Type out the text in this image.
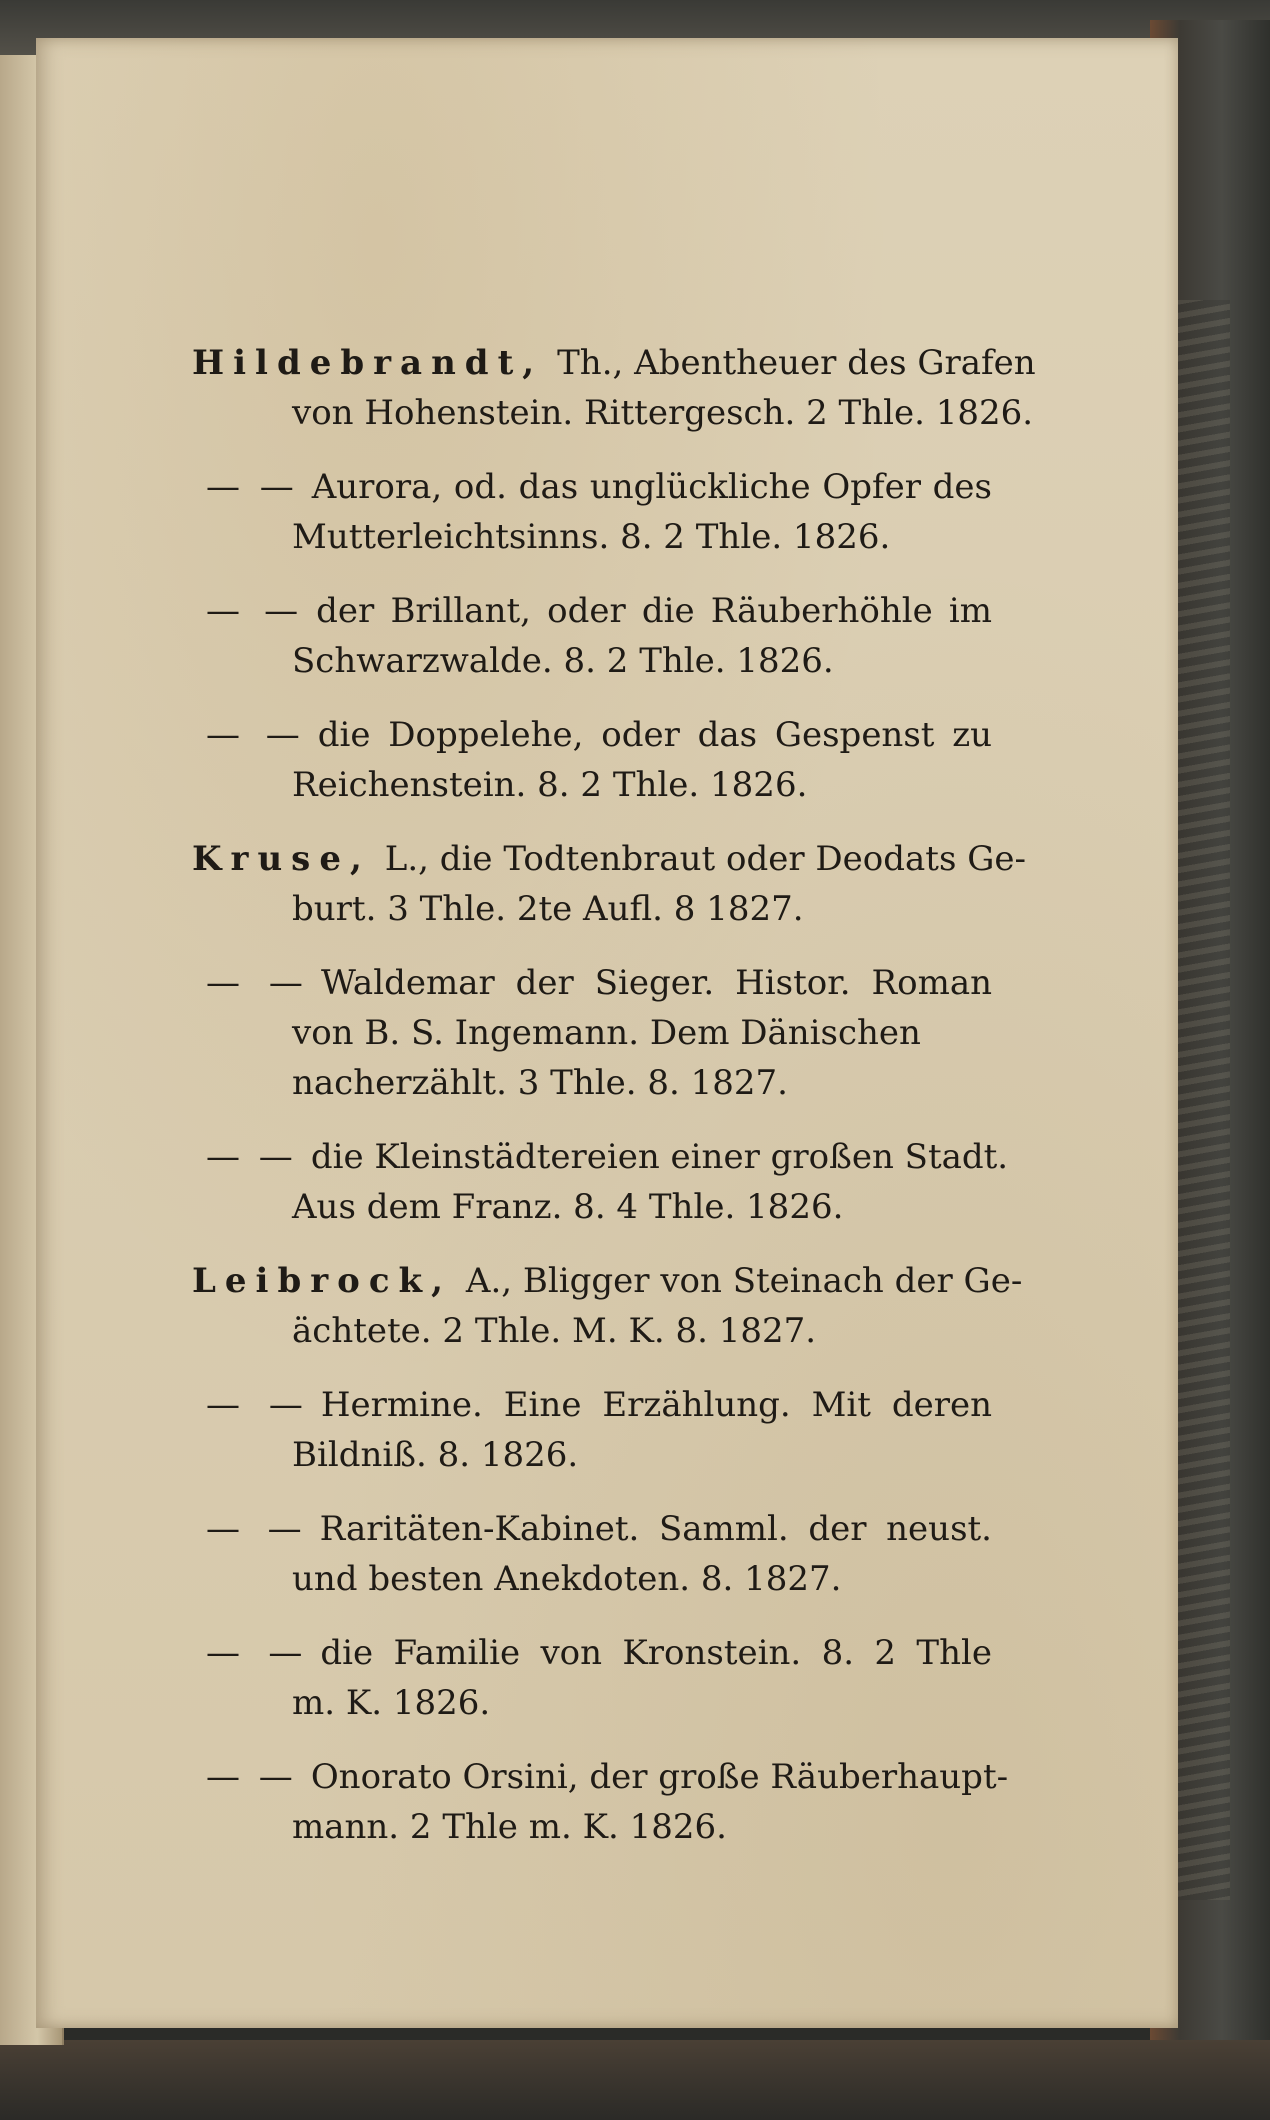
Hildebrandt, Th., Abentheuer des Grafen
von Hohenstein. Rittergesch. 2 Thle. 1826.
— — Aurora, od. das unglückliche Opfer des
Mutterleichtsinns. 8. 2 Thle. 1826.
— — der Brillant, oder die Räuberhöhle im
Schwarzwalde. 8. 2 Thle. 1826.
— — die Doppelehe, oder das Gespenst zu
Reichenstein. 8. 2 Thle. 1826.
Kruse, L., die Todtenbraut oder Deodats Ge-
burt. 3 Thle. 2te Aufl. 8 1827.
— — Waldemar der Sieger. Histor. Roman
von B. S. Ingemann. Dem Dänischen
nacherzählt. 3 Thle. 8. 1827.
— — die Kleinstädtereien einer großen Stadt.
Aus dem Franz. 8. 4 Thle. 1826.
Leibrock, A., Bligger von Steinach der Ge-
ächtete. 2 Thle. M. K. 8. 1827.
— — Hermine. Eine Erzählung. Mit deren
Bildniß. 8. 1826.
— — Raritäten-Kabinet. Samml. der neust.
und besten Anekdoten. 8. 1827.
— — die Familie von Kronstein. 8. 2 Thle
m. K. 1826.
— — Onorato Orsini, der große Räuberhaupt-
mann. 2 Thle m. K. 1826.
